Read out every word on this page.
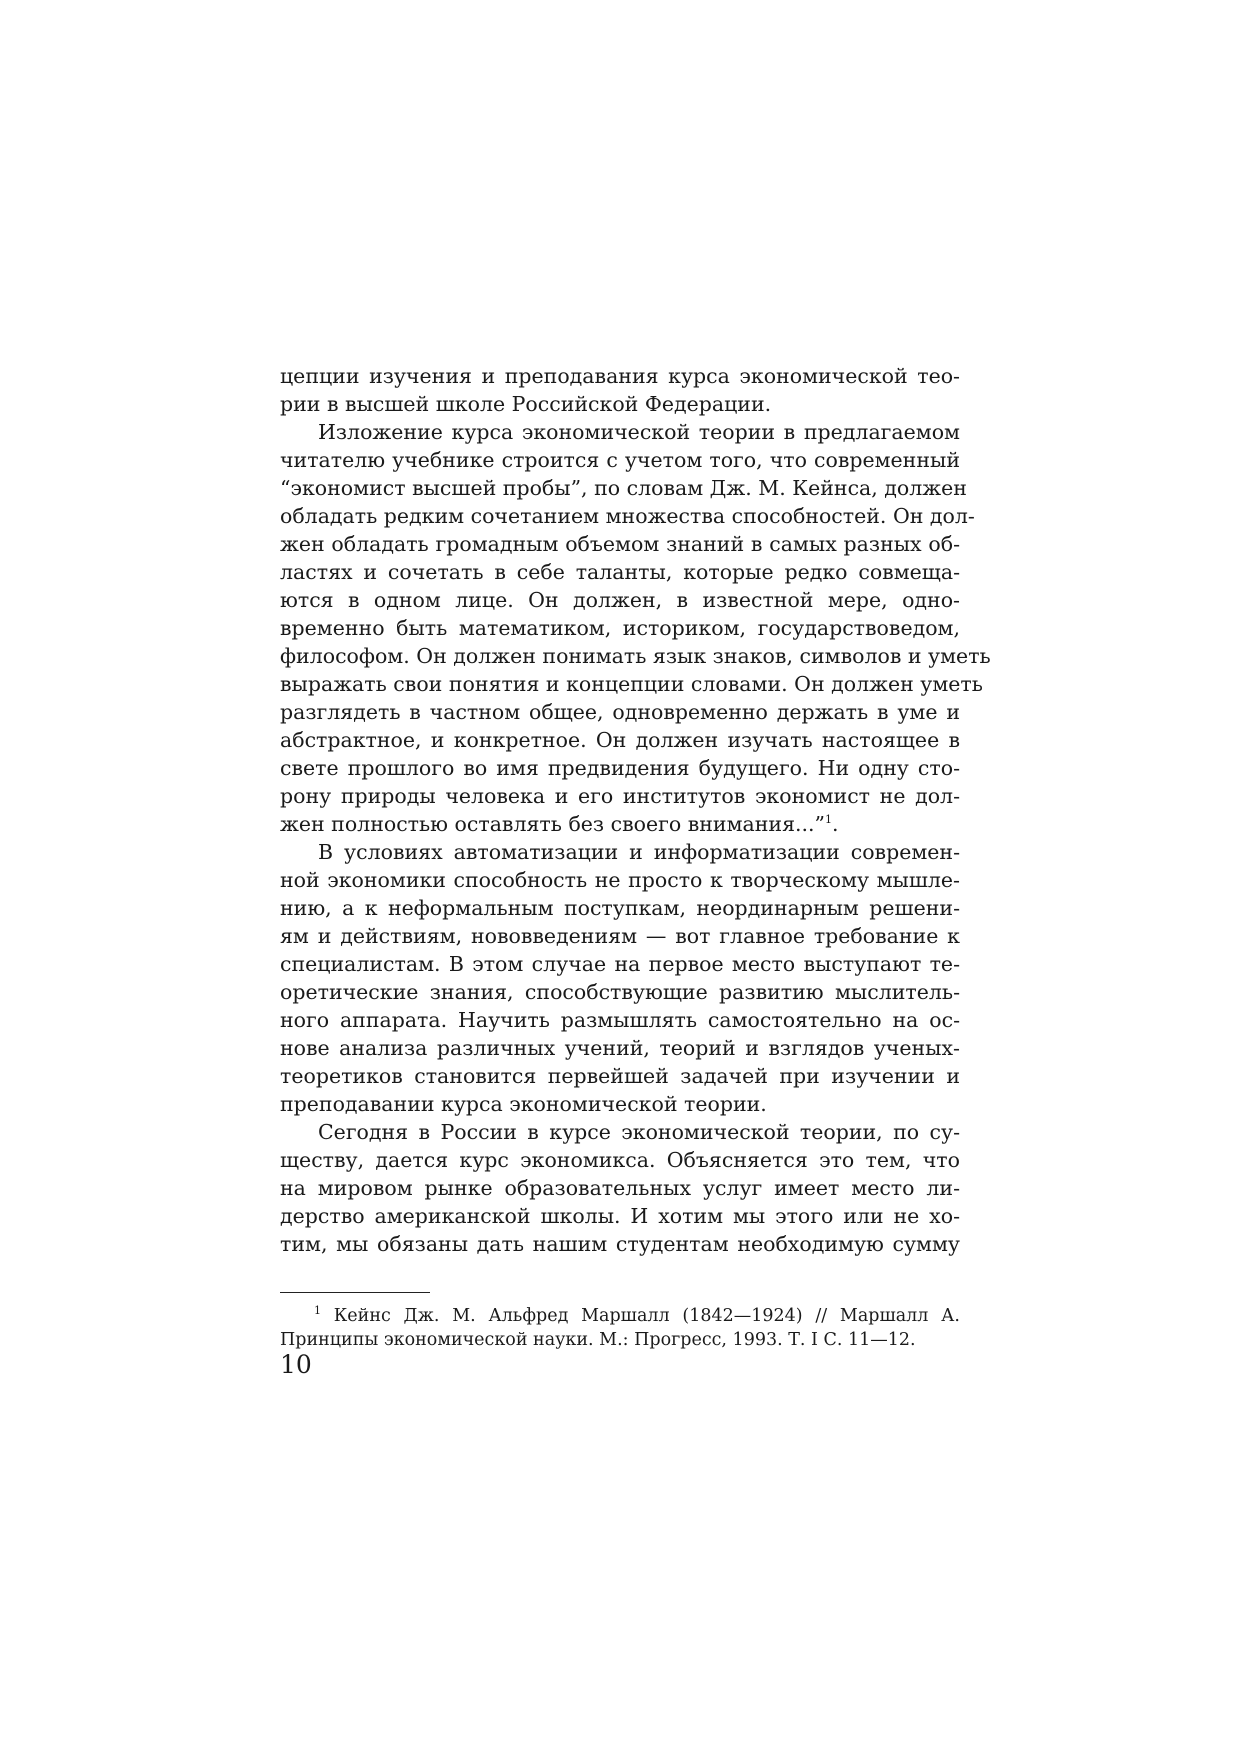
цепции изучения и преподавания курса экономической тео-
рии в высшей школе Российской Федерации.
Изложение курса экономической теории в предлагаемом
читателю учебнике строится с учетом того, что современный
“экономист высшей пробы”, по словам Дж. М. Кейнса, должен
обладать редким сочетанием множества способностей. Он дол-
жен обладать громадным объемом знаний в самых разных об-
ластях и сочетать в себе таланты, которые редко совмеща-
ются в одном лице. Он должен, в известной мере, одно-
временно быть математиком, историком, государствоведом,
философом. Он должен понимать язык знаков, символов и уметь
выражать свои понятия и концепции словами. Он должен уметь
разглядеть в частном общее, одновременно держать в уме и
абстрактное, и конкретное. Он должен изучать настоящее в
свете прошлого во имя предвидения будущего. Ни одну сто-
рону природы человека и его институтов экономист не дол-
жен полностью оставлять без своего внимания...”$^1$.
В условиях автоматизации и информатизации современ-
ной экономики способность не просто к творческому мышле-
нию, а к неформальным поступкам, неординарным решени-
ям и действиям, нововведениям — вот главное требование к
специалистам. В этом случае на первое место выступают те-
оретические знания, способствующие развитию мыслитель-
ного аппарата. Научить размышлять самостоятельно на ос-
нове анализа различных учений, теорий и взглядов ученых-
теоретиков становится первейшей задачей при изучении и
преподавании курса экономической теории.
Сегодня в России в курсе экономической теории, по су-
ществу, дается курс экономикса. Объясняется это тем, что
на мировом рынке образовательных услуг имеет место ли-
дерство американской школы. И хотим мы этого или не хо-
тим, мы обязаны дать нашим студентам необходимую сумму
$^1$ Кейнс Дж. М. Альфред Маршалл (1842—1924) // Маршалл А.
Принципы экономической науки. М.: Прогресс, 1993. Т. I С. 11—12.
10
